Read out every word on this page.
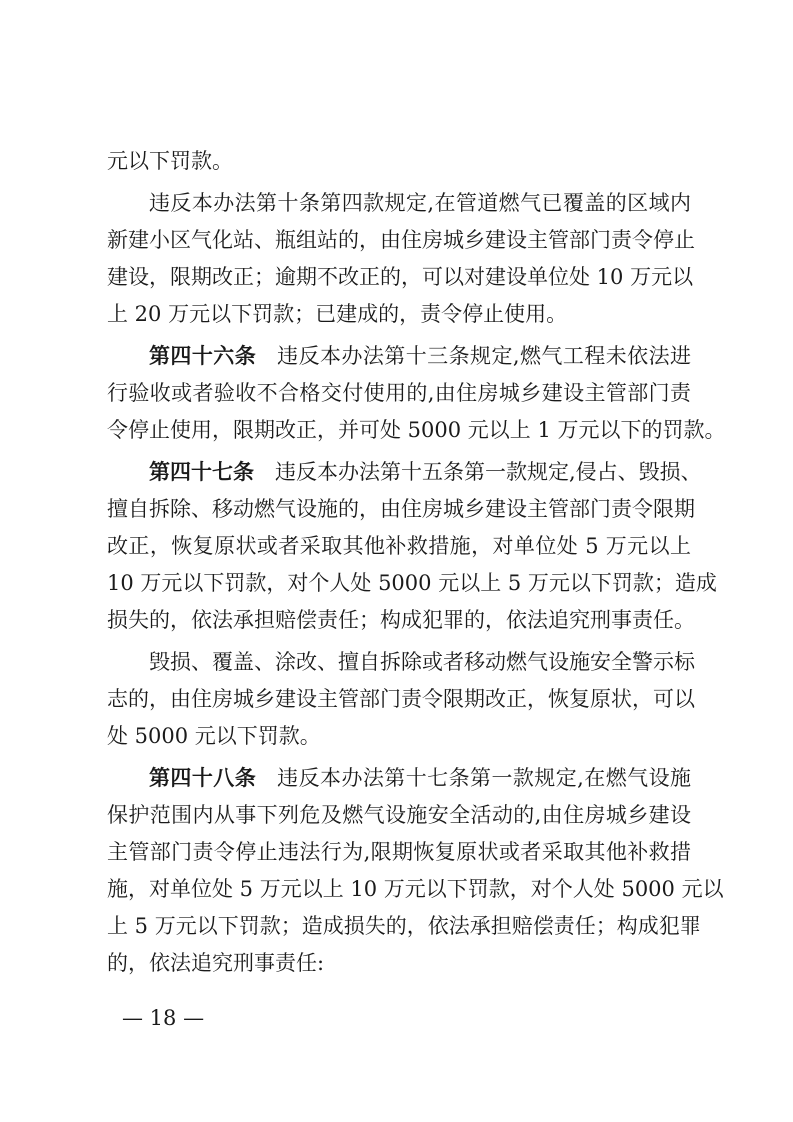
元以下罚款。
违反本办法第十条第四款规定,在管道燃气已覆盖的区域内
新建小区气化站、瓶组站的，由住房城乡建设主管部门责令停止
建设，限期改正；逾期不改正的，可以对建设单位处 10 万元以
上 20 万元以下罚款；已建成的，责令停止使用。
第四十六条 违反本办法第十三条规定,燃气工程未依法进
行验收或者验收不合格交付使用的,由住房城乡建设主管部门责
令停止使用，限期改正，并可处 5000 元以上 1 万元以下的罚款。
第四十七条 违反本办法第十五条第一款规定,侵占、毁损、
擅自拆除、移动燃气设施的，由住房城乡建设主管部门责令限期
改正，恢复原状或者采取其他补救措施，对单位处 5 万元以上
10 万元以下罚款，对个人处 5000 元以上 5 万元以下罚款；造成
损失的，依法承担赔偿责任；构成犯罪的，依法追究刑事责任。
毁损、覆盖、涂改、擅自拆除或者移动燃气设施安全警示标
志的，由住房城乡建设主管部门责令限期改正，恢复原状，可以
处 5000 元以下罚款。
第四十八条 违反本办法第十七条第一款规定,在燃气设施
保护范围内从事下列危及燃气设施安全活动的,由住房城乡建设
主管部门责令停止违法行为,限期恢复原状或者采取其他补救措
施，对单位处 5 万元以上 10 万元以下罚款，对个人处 5000 元以
上 5 万元以下罚款；造成损失的，依法承担赔偿责任；构成犯罪
的，依法追究刑事责任:
— 18 —
